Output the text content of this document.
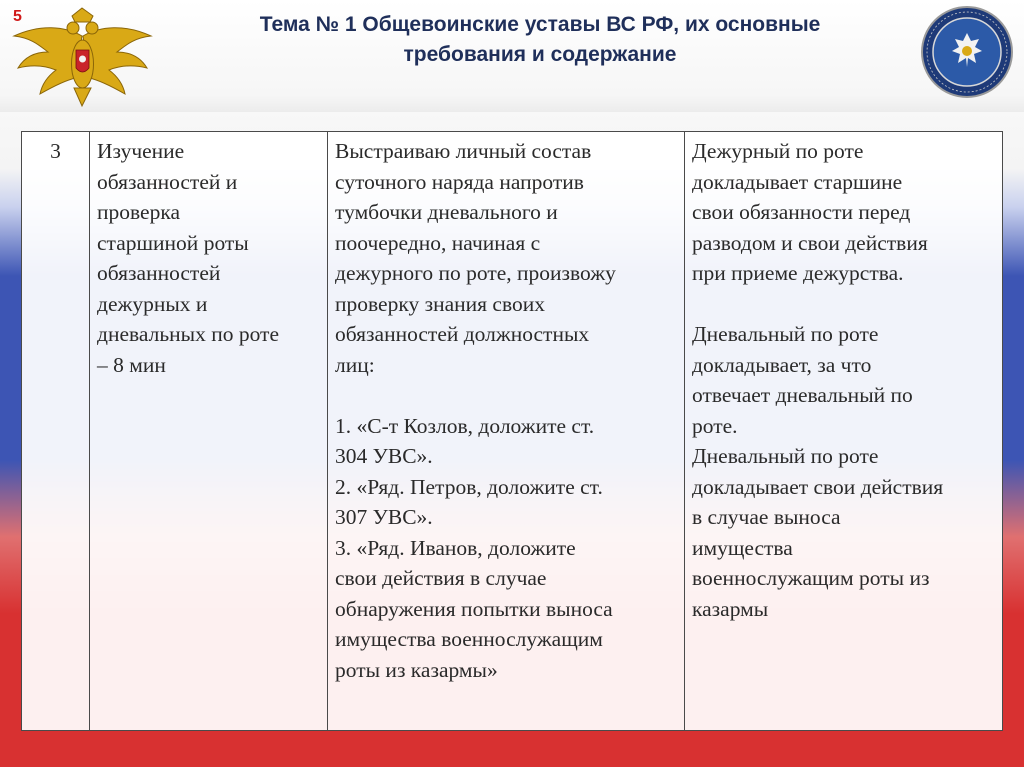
5	Тема № 1 Общевоинские уставы ВС РФ, их основные
требования и содержание
3	Изучение
обязанностей и
проверка
старшиной роты
обязанностей
дежурных и
дневальных по роте
– 8 мин

Выстраиваю личный состав
суточного наряда напротив
тумбочки дневального и
поочередно, начиная с
дежурного по роте, произвожу
проверку знания своих
обязанностей должностных
лиц:
1. «С-т Козлов, доложите ст.
304 УВС».
2. «Ряд. Петров, доложите ст.
307 УВС».
3. «Ряд. Иванов, доложите
свои действия в случае
обнаружения попытки выноса
имущества военнослужащим
роты из казармы»

Дежурный по роте
докладывает старшине
свои обязанности перед
разводом и свои действия
при приеме дежурства.
Дневальный по роте
докладывает, за что
отвечает дневальный по
роте.
Дневальный по роте
докладывает свои действия
в случае выноса
имущества
военнослужащим роты из
казармы
